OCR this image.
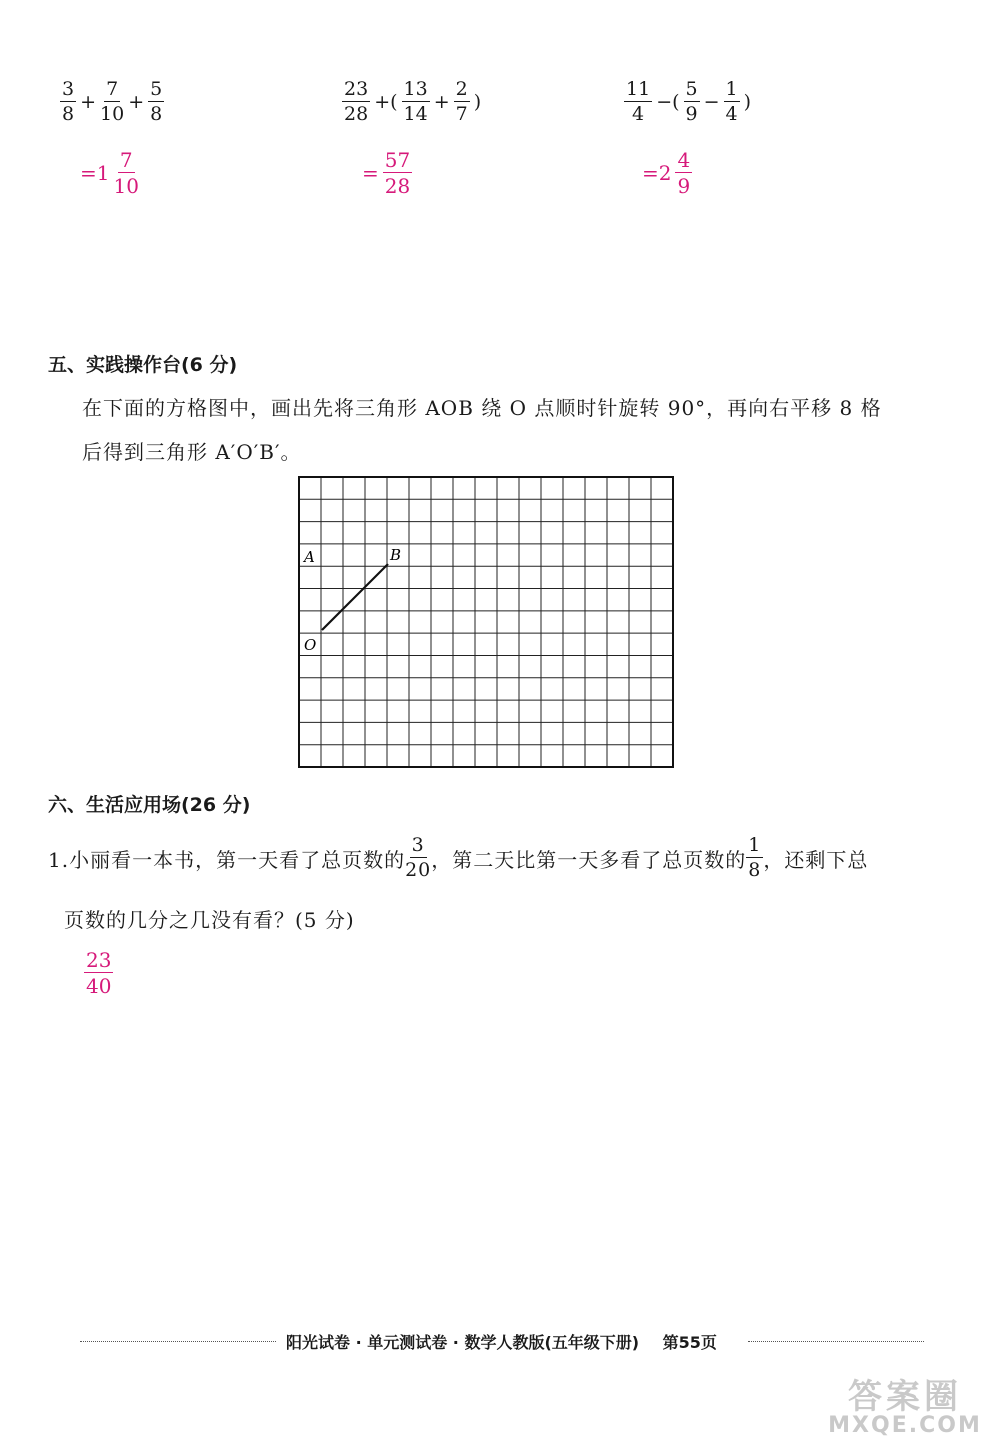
$\frac{3}{8} + \frac{7}{10} + \frac{5}{8}$
$=1 \frac{7}{10}$
$\frac{23}{28}$ +( $\frac{13}{14} + \frac{2}{7}$ )
= $\frac{57}{28}$
$\frac{11}{4}$ −( $\frac{5}{9} - \frac{1}{4}$ )
$=2 \frac{4}{9}$
五、实践操作台(6 分)
在下面的方格图中，画出先将三角形 AOB 绕 O 点顺时针旋转 90°，再向右平移 8 格
后得到三角形 A′O′B′。
A	B
O
六、生活应用场(26 分)
1.小丽看一本书，第一天看了总页数的 $\frac{3}{20}$ ，第二天比第一天多看了总页数的 $\frac{1}{8}$ ，还剩下总
页数的几分之几没有看？(5 分)
$\frac{23}{40}$
阳光试卷 · 单元测试卷 · 数学人教版(五年级下册) 第55页
答案圈
MXQE.COM
